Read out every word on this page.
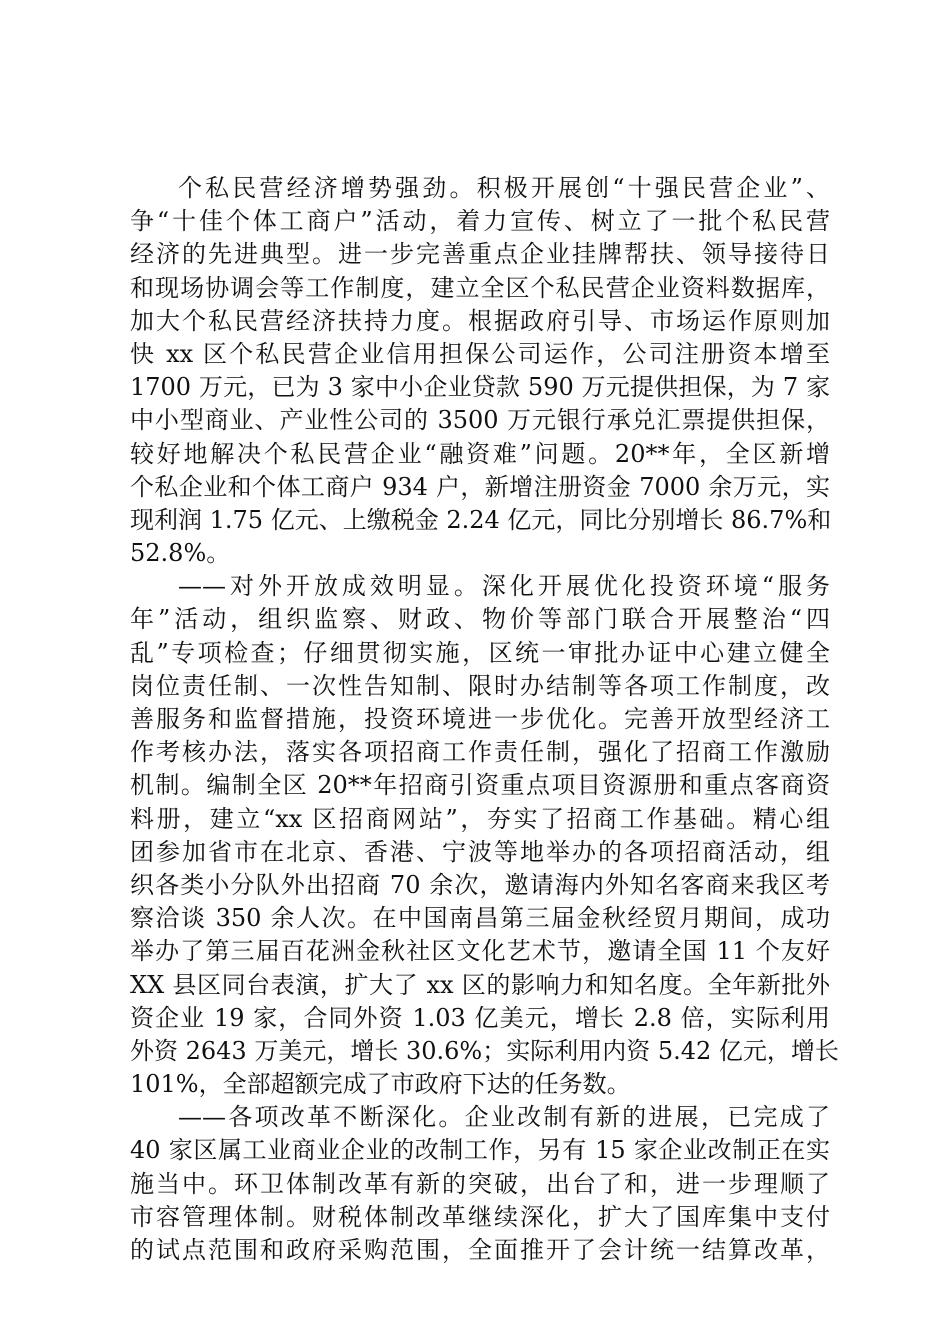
个私民营经济增势强劲。积极开展创“十强民营企业”、
争“十佳个体工商户”活动，着力宣传、树立了一批个私民营
经济的先进典型。进一步完善重点企业挂牌帮扶、领导接待日
和现场协调会等工作制度，建立全区个私民营企业资料数据库，
加大个私民营经济扶持力度。根据政府引导、市场运作原则加
快 xx 区个私民营企业信用担保公司运作，公司注册资本增至
1700 万元，已为 3 家中小企业贷款 590 万元提供担保，为 7 家
中小型商业、产业性公司的 3500 万元银行承兑汇票提供担保，
较好地解决个私民营企业“融资难”问题。20**年，全区新增
个私企业和个体工商户 934 户，新增注册资金 7000 余万元，实
现利润 1.75 亿元、上缴税金 2.24 亿元，同比分别增长 86.7%和
52.8%。
——对外开放成效明显。深化开展优化投资环境“服务
年”活动，组织监察、财政、物价等部门联合开展整治“四
乱”专项检查；仔细贯彻实施，区统一审批办证中心建立健全
岗位责任制、一次性告知制、限时办结制等各项工作制度，改
善服务和监督措施，投资环境进一步优化。完善开放型经济工
作考核办法，落实各项招商工作责任制，强化了招商工作激励
机制。编制全区 20**年招商引资重点项目资源册和重点客商资
料册，建立“xx 区招商网站”，夯实了招商工作基础。精心组
团参加省市在北京、香港、宁波等地举办的各项招商活动，组
织各类小分队外出招商 70 余次，邀请海内外知名客商来我区考
察洽谈 350 余人次。在中国南昌第三届金秋经贸月期间，成功
举办了第三届百花洲金秋社区文化艺术节，邀请全国 11 个友好
XX 县区同台表演，扩大了 xx 区的影响力和知名度。全年新批外
资企业 19 家，合同外资 1.03 亿美元，增长 2.8 倍，实际利用
外资 2643 万美元，增长 30.6%；实际利用内资 5.42 亿元，增长
101%，全部超额完成了市政府下达的任务数。
——各项改革不断深化。企业改制有新的进展，已完成了
40 家区属工业商业企业的改制工作，另有 15 家企业改制正在实
施当中。环卫体制改革有新的突破，出台了和，进一步理顺了
市容管理体制。财税体制改革继续深化，扩大了国库集中支付
的试点范围和政府采购范围，全面推开了会计统一结算改革，
